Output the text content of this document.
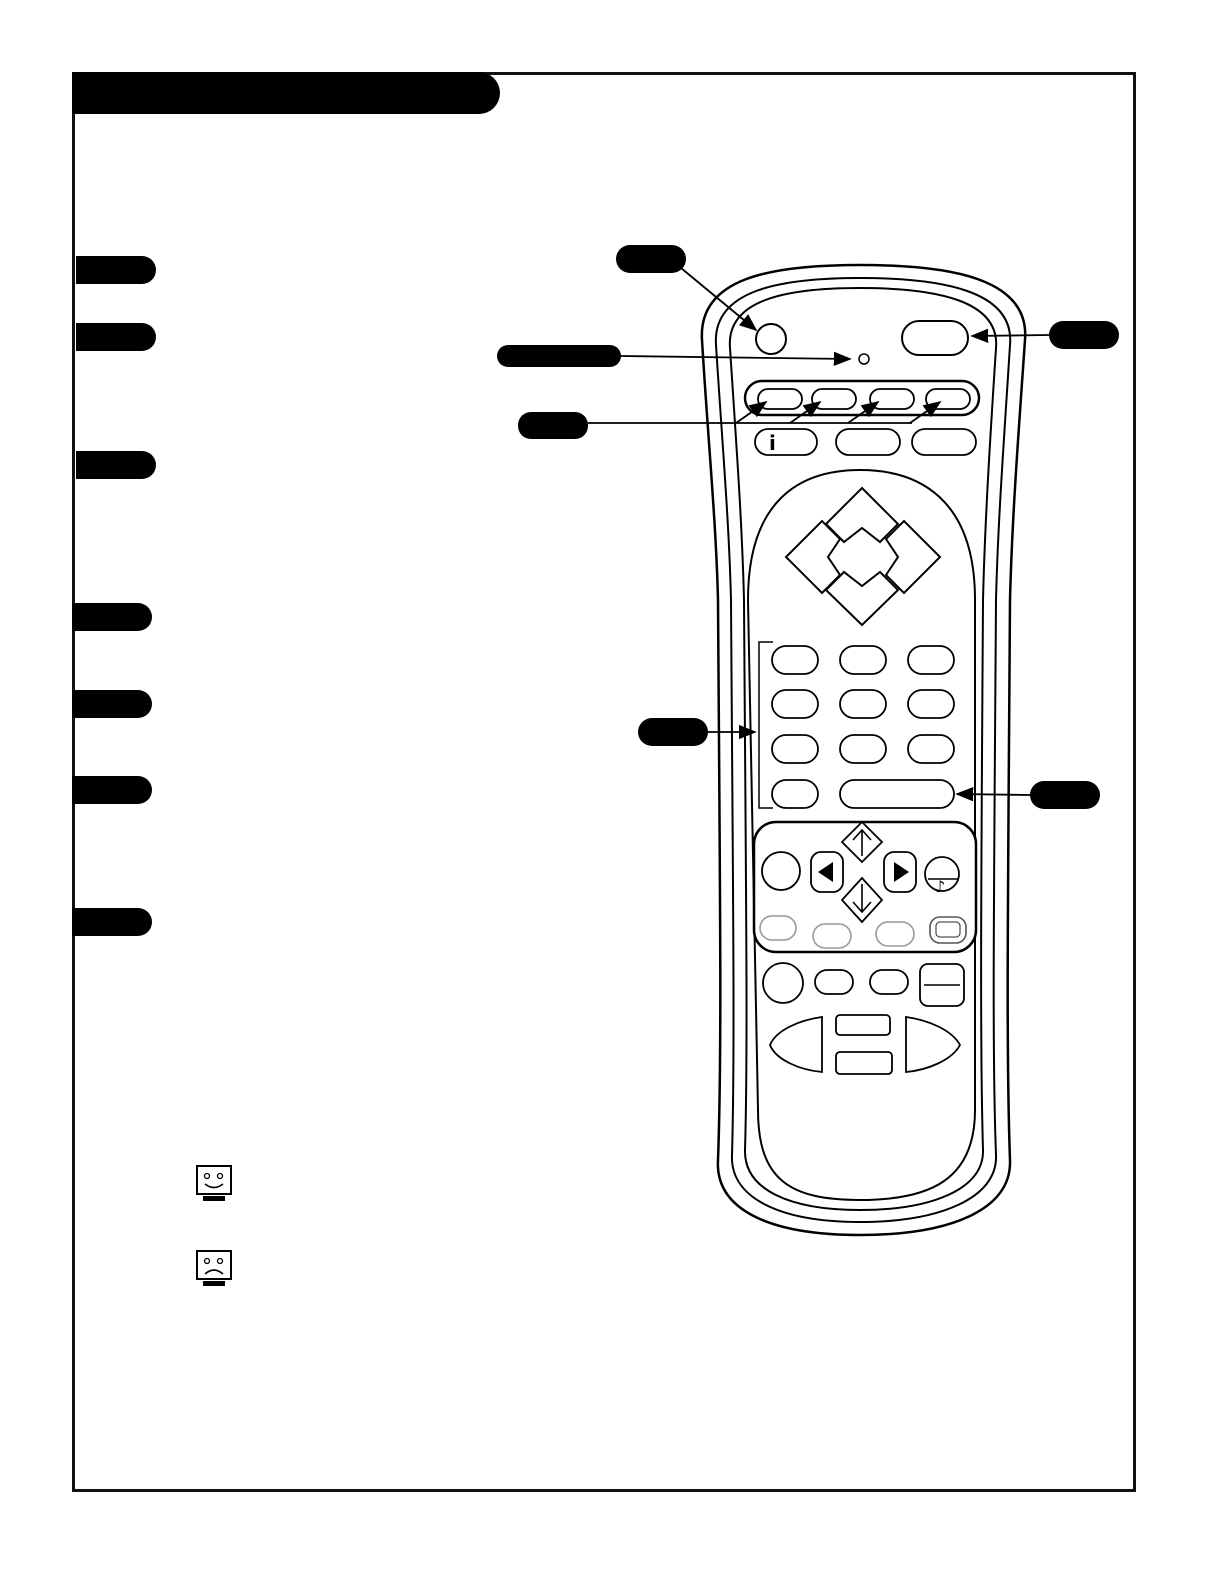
i
♪
